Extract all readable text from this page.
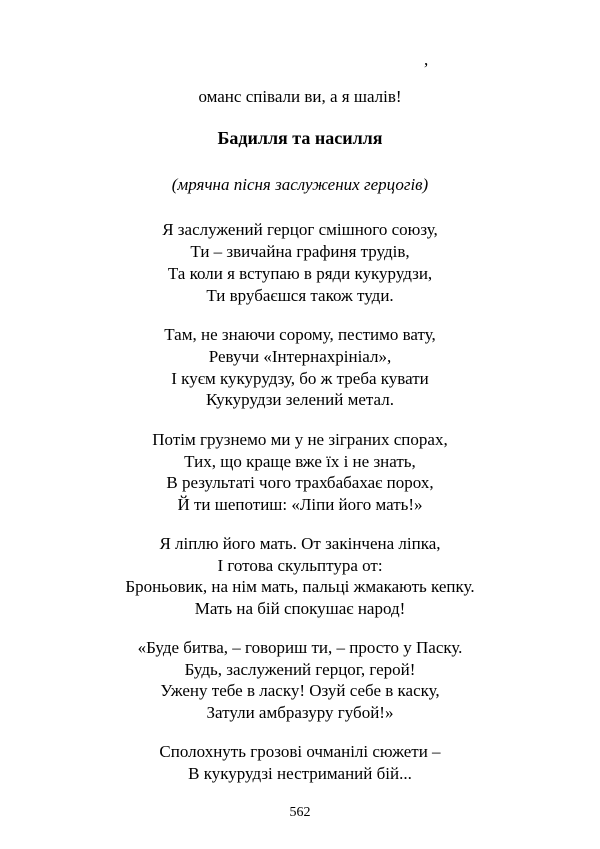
,
оманс співали ви, а я шалів!
Бадилля та насилля
(мрячна пісня заслужених герцогів)
Я заслужений герцог смішного союзу,
Ти – звичайна графиня трудів,
Та коли я вступаю в ряди кукурудзи,
Ти врубаєшся також туди.
Там, не знаючи сорому, пестимо вату,
Ревучи «Інтернахрініал»,
І куєм кукурудзу, бо ж треба кувати
Кукурудзи зелений метал.
Потім грузнемо ми у не зіграних спорах,
Тих, що краще вже їх і не знать,
В результаті чого трахбабахає порох,
Й ти шепотиш: «Ліпи його мать!»
Я ліплю його мать. От закінчена ліпка,
І готова скульптура от:
Броньовик, на нім мать, пальці жмакають кепку.
Мать на бій спокушає народ!
«Буде битва, – говориш ти, – просто у Паску.
Будь, заслужений герцог, герой!
Ужену тебе в ласку! Озуй себе в каску,
Затули амбразуру губой!»
Сполохнуть грозові очманілі сюжети –
В кукурудзі нестриманий бій...
562
